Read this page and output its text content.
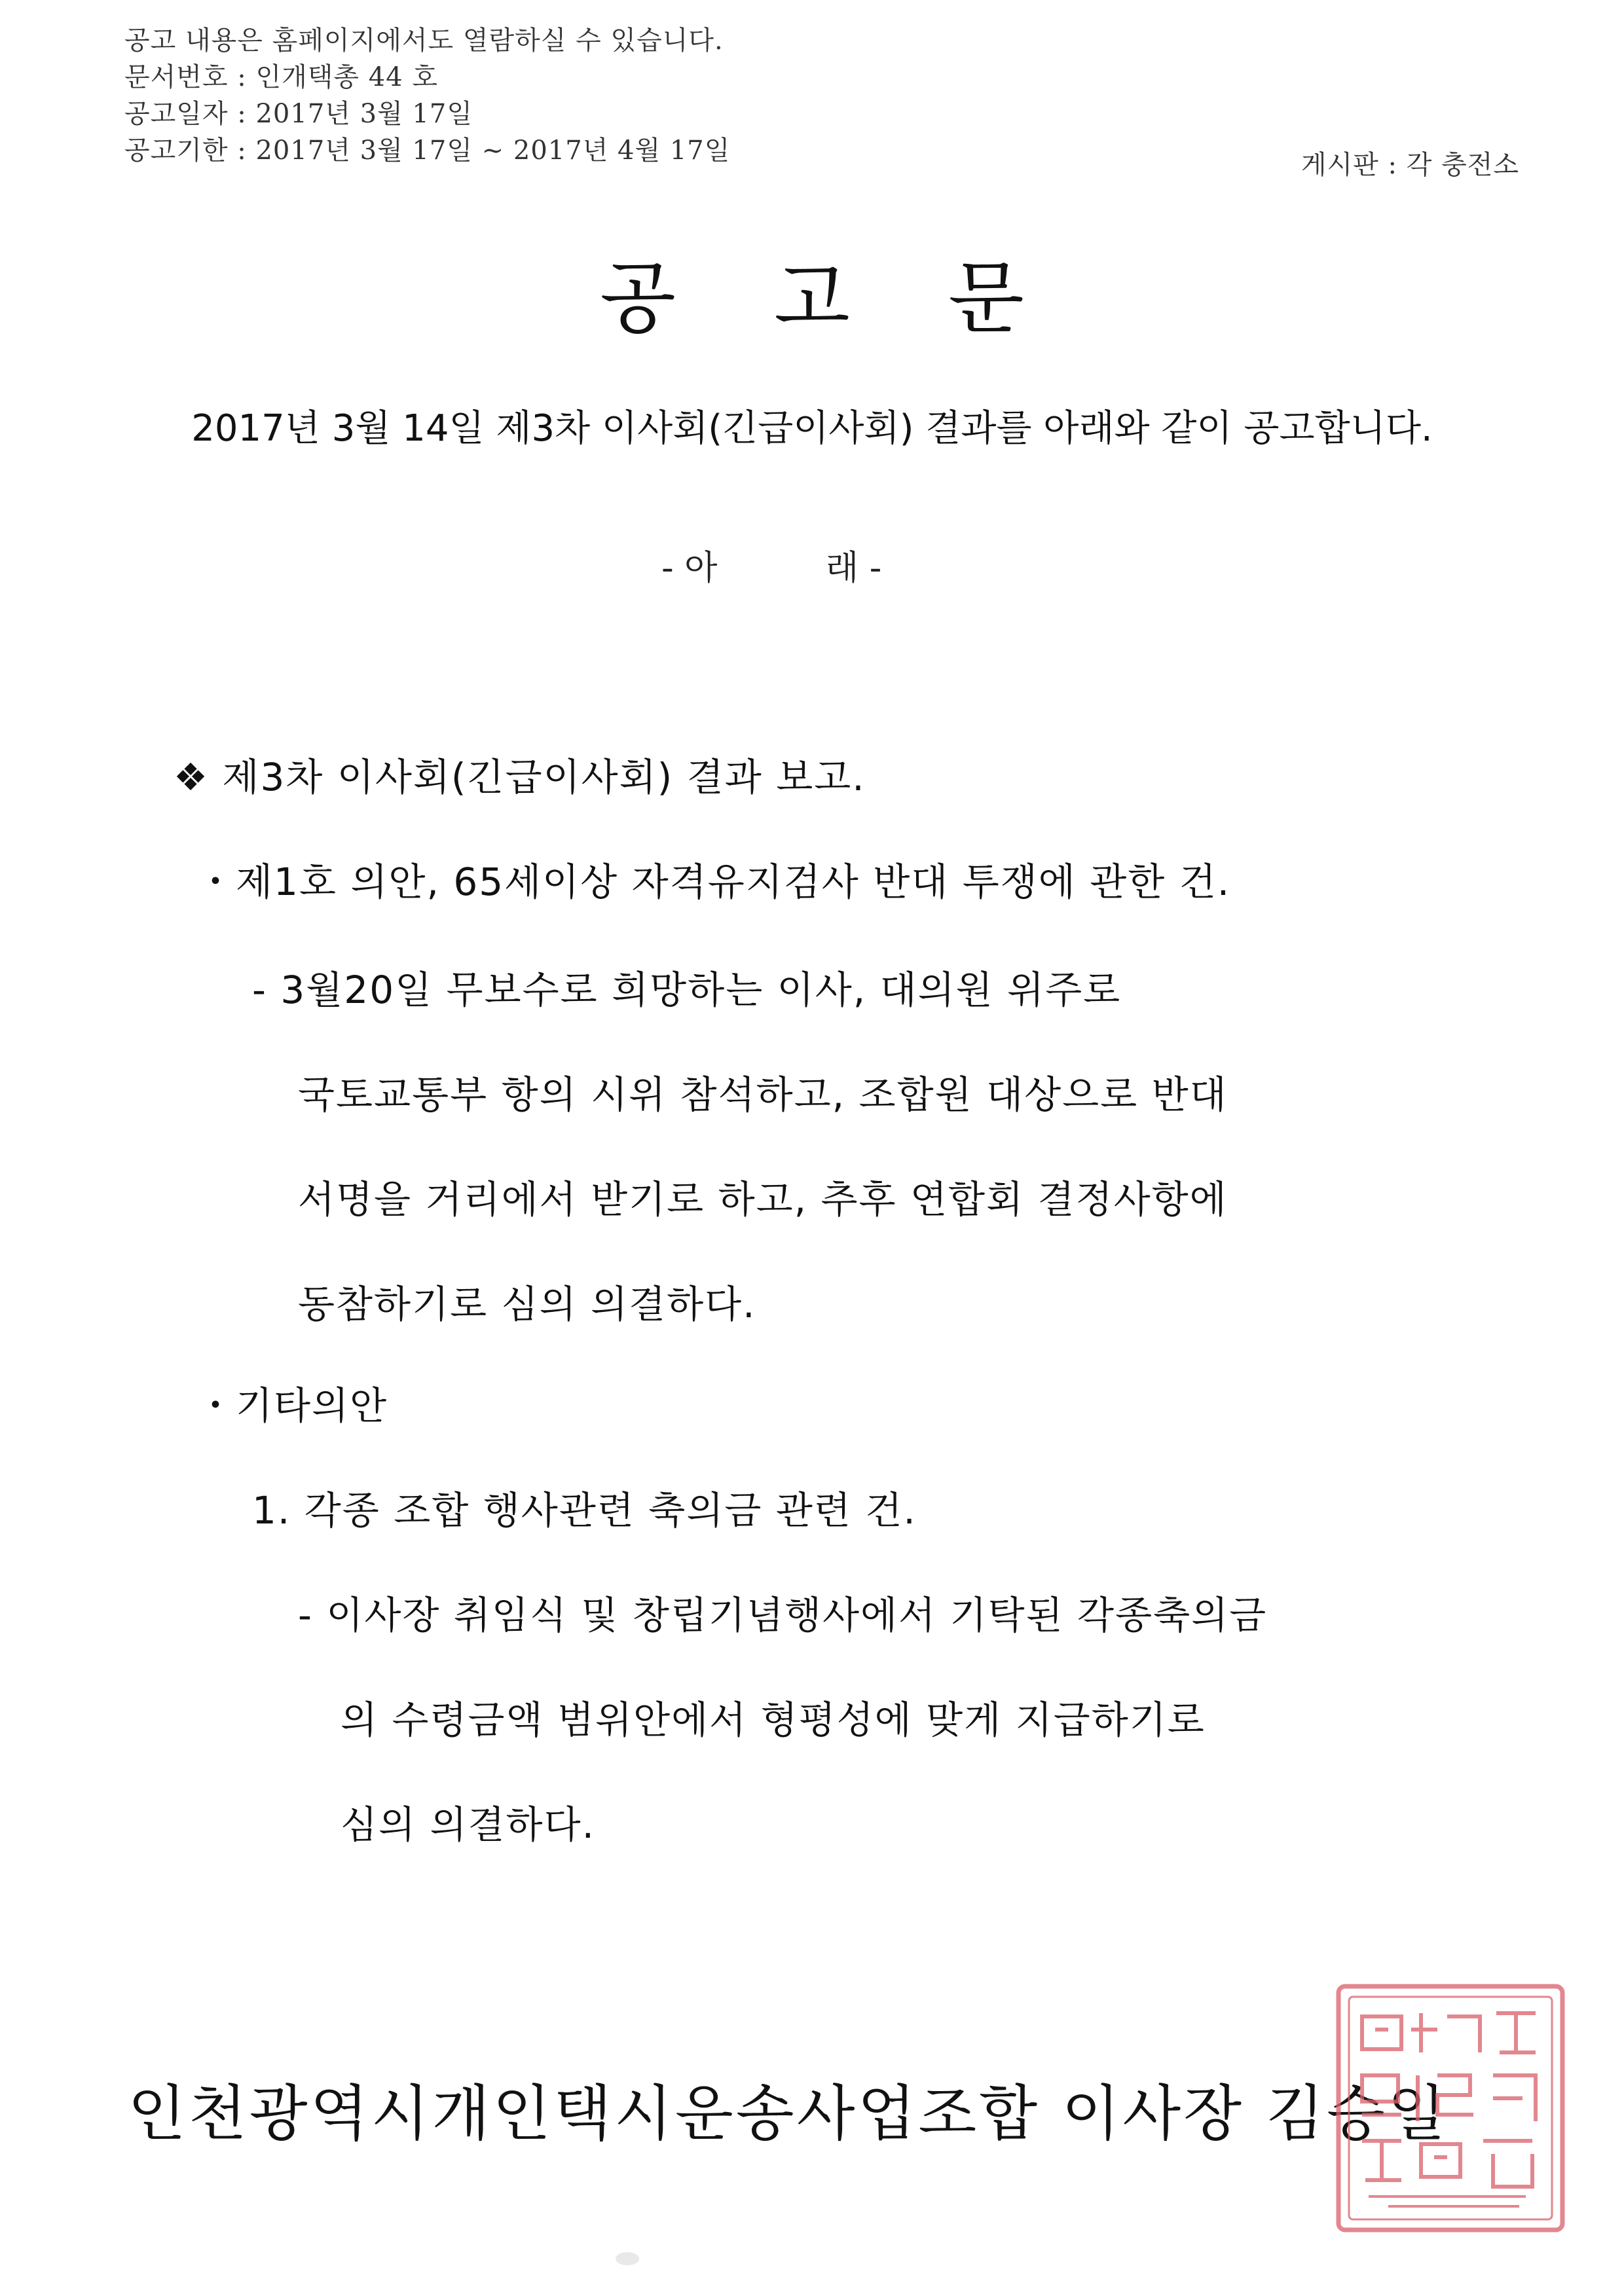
공고 내용은 홈페이지에서도 열람하실 수 있습니다.
문서번호 : 인개택총 44 호
공고일자 : 2017년 3월 17일
공고기한 : 2017년 3월 17일 ~ 2017년 4월 17일	게시판 : 각 충전소
공고문
2017년 3월 14일 제3차 이사회(긴급이사회) 결과를 아래와 같이 공고합니다.
- 아          래 -
❖ 제3차 이사회(긴급이사회) 결과 보고.
・제1호 의안, 65세이상 자격유지검사 반대 투쟁에 관한 건.
- 3월20일 무보수로 희망하는 이사, 대의원 위주로
국토교통부 항의 시위 참석하고, 조합원 대상으로 반대
서명을 거리에서 받기로 하고, 추후 연합회 결정사항에
동참하기로 심의 의결하다.
・기타의안
1. 각종 조합 행사관련 축의금 관련 건.
- 이사장 취임식 및 창립기념행사에서 기탁된 각종축의금
의 수령금액 범위안에서 형평성에 맞게 지급하기로
심의 의결하다.
인천광역시개인택시운송사업조합 이사장 김승일
